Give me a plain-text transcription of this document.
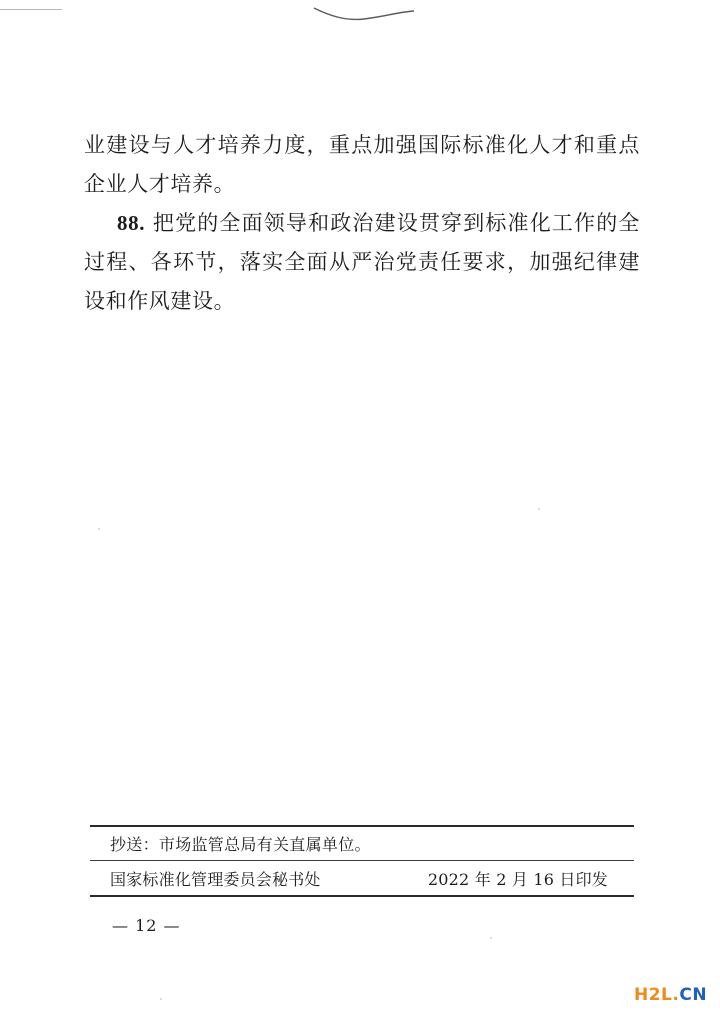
业建设与人才培养力度，重点加强国际标准化人才和重点企业人才培养。

88. 把党的全面领导和政治建设贯穿到标准化工作的全过程、各环节，落实全面从严治党责任要求，加强纪律建设和作风建设。

抄送： 市场监管总局有关直属单位。
国家标准化管理委员会秘书处	2022 年 2 月 16 日印发
— 12 —
H2L.CN
